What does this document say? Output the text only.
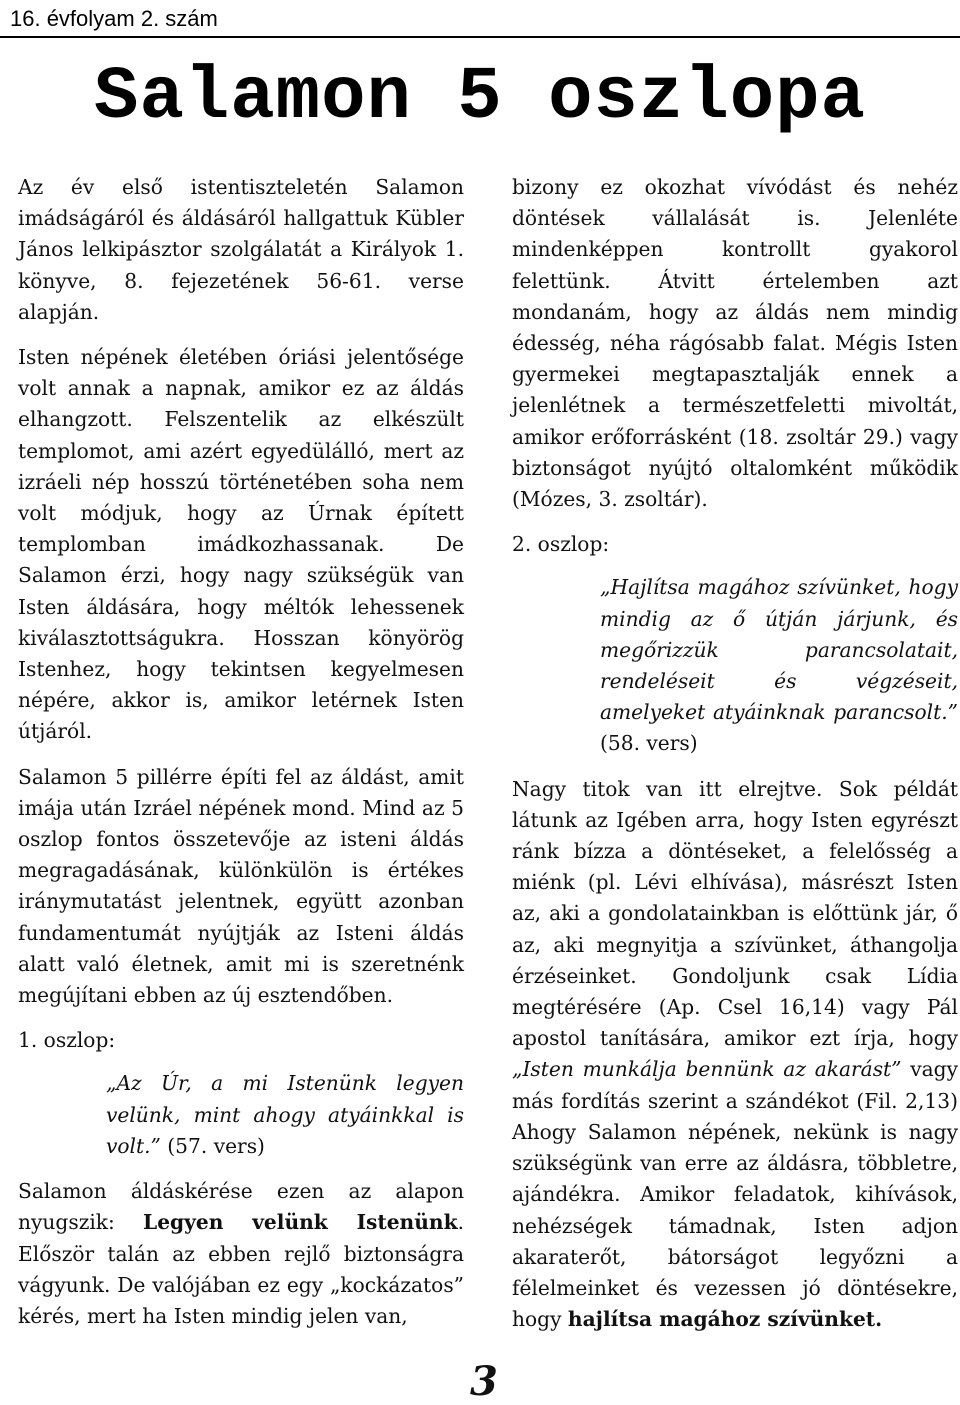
16. évfolyam 2. szám
Salamon 5 oszlopa

Az év első istentiszteletén Salamon imádságáról és áldásáról hallgattuk Kübler János lelkipásztor szolgálatát a Királyok 1. könyve, 8. fejezetének 56-61. verse alapján.

Isten népének életében óriási jelentősége volt annak a napnak, amikor ez az áldás elhangzott. Felszentelik az elkészült templomot, ami azért egyedülálló, mert az izráeli nép hosszú történetében soha nem volt módjuk, hogy az Úrnak épített templomban imádkozhassanak. De Salamon érzi, hogy nagy szükségük van Isten áldására, hogy méltók lehessenek kiválasztottságukra. Hosszan könyörög Istenhez, hogy tekintsen kegyelmesen népére, akkor is, amikor letérnek Isten útjáról.

Salamon 5 pillérre építi fel az áldást, amit imája után Izráel népének mond. Mind az 5 oszlop fontos összetevője az isteni áldás megragadásának, különkülön is értékes iránymutatást jelentnek, együtt azonban fundamentumát nyújtják az Isteni áldás alatt való életnek, amit mi is szeretnénk megújítani ebben az új esztendőben.

1. oszlop:

„Az Úr, a mi Istenünk legyen velünk, mint ahogy atyáinkkal is volt.” (57. vers)

Salamon áldáskérése ezen az alapon nyugszik: Legyen velünk Istenünk. Először talán az ebben rejlő biztonságra vágyunk. De valójában ez egy „kockázatos” kérés, mert ha Isten mindig jelen van,

bizony ez okozhat vívódást és nehéz döntések vállalását is. Jelenléte mindenképpen kontrollt gyakorol felettünk. Átvitt értelemben azt mondanám, hogy az áldás nem mindig édesség, néha rágósabb falat. Mégis Isten gyermekei megtapasztalják ennek a jelenlétnek a természetfeletti mivoltát, amikor erőforrásként (18. zsoltár 29.) vagy biztonságot nyújtó oltalomként működik (Mózes, 3. zsoltár).

2. oszlop:

„Hajlítsa magához szívünket, hogy mindig az ő útján járjunk, és megőrizzük parancsolatait, rendeléseit és végzéseit, amelyeket atyáinknak parancsolt.” (58. vers)

Nagy titok van itt elrejtve. Sok példát látunk az Igében arra, hogy Isten egyrészt ránk bízza a döntéseket, a felelősség a miénk (pl. Lévi elhívása), másrészt Isten az, aki a gondolatainkban is előttünk jár, ő az, aki megnyitja a szívünket, áthangolja érzéseinket. Gondoljunk csak Lídia megtérésére (Ap. Csel 16,14) vagy Pál apostol tanítására, amikor ezt írja, hogy „Isten munkálja bennünk az akarást” vagy más fordítás szerint a szándékot (Fil. 2,13) Ahogy Salamon népének, nekünk is nagy szükségünk van erre az áldásra, többletre, ajándékra. Amikor feladatok, kihívások, nehézségek támadnak, Isten adjon akaraterőt, bátorságot legyőzni a félelmeinket és vezessen jó döntésekre, hogy hajlítsa magához szívünket.

3
